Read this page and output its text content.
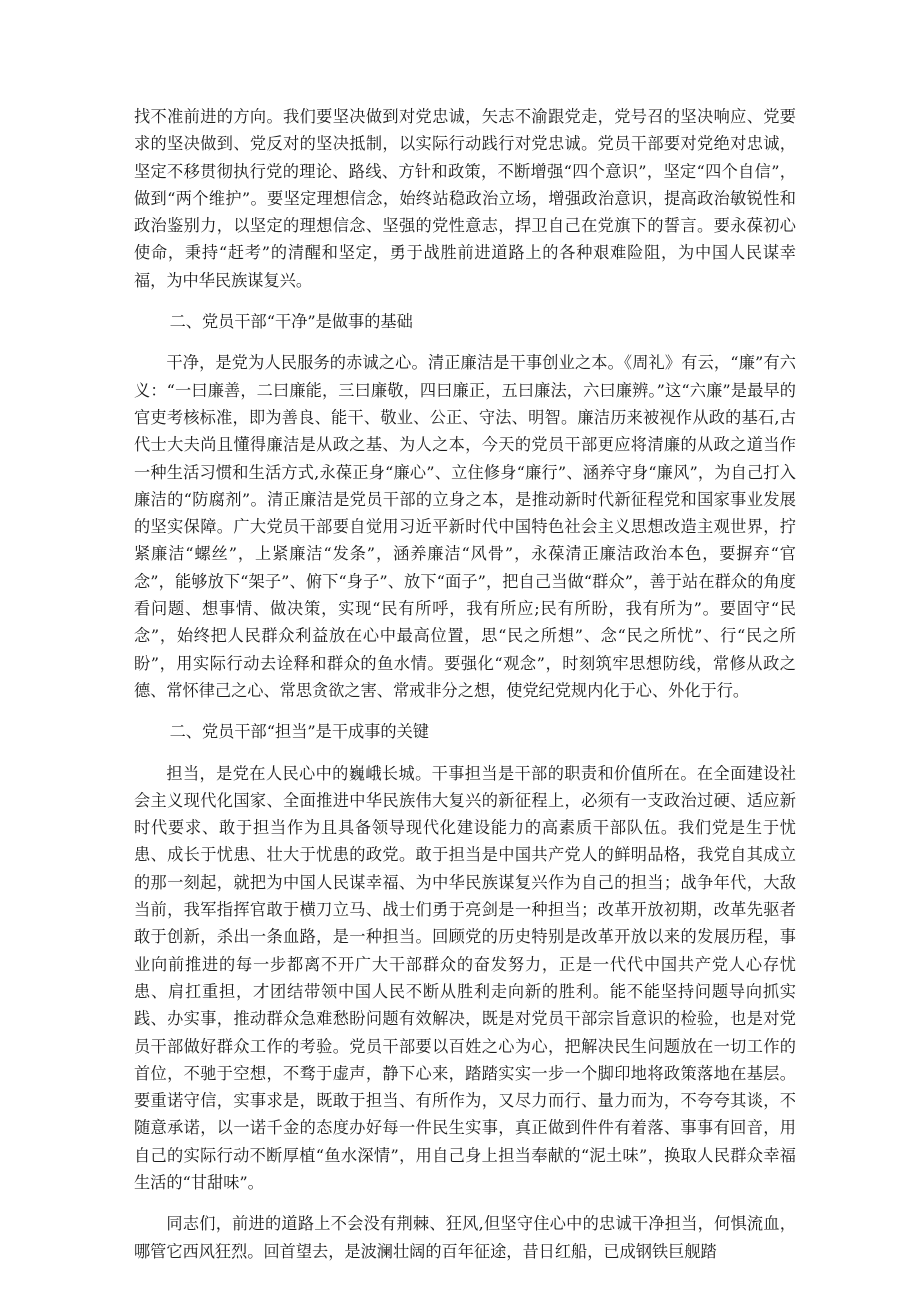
找不准前进的方向。我们要坚决做到对党忠诚，矢志不渝跟党走，党号召的坚决响应、党要求的坚决做到、党反对的坚决抵制，以实际行动践行对党忠诚。党员干部要对党绝对忠诚，坚定不移贯彻执行党的理论、路线、方针和政策，不断增强“四个意识”，坚定“四个自信”，做到“两个维护”。要坚定理想信念，始终站稳政治立场，增强政治意识，提高政治敏锐性和政治鉴别力，以坚定的理想信念、坚强的党性意志，捍卫自己在党旗下的誓言。要永葆初心使命，秉持“赶考”的清醒和坚定，勇于战胜前进道路上的各种艰难险阻，为中国人民谋幸福，为中华民族谋复兴。

二、党员干部“干净”是做事的基础

干净，是党为人民服务的赤诚之心。清正廉洁是干事创业之本。《周礼》有云，“廉”有六义：“一曰廉善，二曰廉能，三曰廉敬，四曰廉正，五曰廉法，六曰廉辨。”这“六廉”是最早的官吏考核标准，即为善良、能干、敬业、公正、守法、明智。廉洁历来被视作从政的基石,古代士大夫尚且懂得廉洁是从政之基、为人之本，今天的党员干部更应将清廉的从政之道当作一种生活习惯和生活方式,永葆正身“廉心”、立住修身“廉行”、涵养守身“廉风”，为自己打入廉洁的“防腐剂”。清正廉洁是党员干部的立身之本，是推动新时代新征程党和国家事业发展的坚实保障。广大党员干部要自觉用习近平新时代中国特色社会主义思想改造主观世界，拧紧廉洁“螺丝”，上紧廉洁“发条”，涵养廉洁“风骨”，永葆清正廉洁政治本色，要摒弃“官念”，能够放下“架子”、俯下“身子”、放下“面子”，把自己当做“群众”，善于站在群众的角度看问题、想事情、做决策，实现“民有所呼，我有所应;民有所盼，我有所为”。要固守“民念”，始终把人民群众利益放在心中最高位置，思“民之所想”、念“民之所忧”、行“民之所盼”，用实际行动去诠释和群众的鱼水情。要强化“观念”，时刻筑牢思想防线，常修从政之德、常怀律己之心、常思贪欲之害、常戒非分之想，使党纪党规内化于心、外化于行。

二、党员干部“担当”是干成事的关键

担当，是党在人民心中的巍峨长城。干事担当是干部的职责和价值所在。在全面建设社会主义现代化国家、全面推进中华民族伟大复兴的新征程上，必须有一支政治过硬、适应新时代要求、敢于担当作为且具备领导现代化建设能力的高素质干部队伍。我们党是生于忧患、成长于忧患、壮大于忧患的政党。敢于担当是中国共产党人的鲜明品格，我党自其成立的那一刻起，就把为中国人民谋幸福、为中华民族谋复兴作为自己的担当；战争年代，大敌当前，我军指挥官敢于横刀立马、战士们勇于亮剑是一种担当；改革开放初期，改革先驱者敢于创新，杀出一条血路，是一种担当。回顾党的历史特别是改革开放以来的发展历程，事业向前推进的每一步都离不开广大干部群众的奋发努力，正是一代代中国共产党人心存忧患、肩扛重担，才团结带领中国人民不断从胜利走向新的胜利。能不能坚持问题导向抓实践、办实事，推动群众急难愁盼问题有效解决，既是对党员干部宗旨意识的检验，也是对党员干部做好群众工作的考验。党员干部要以百姓之心为心，把解决民生问题放在一切工作的首位，不驰于空想，不骛于虚声，静下心来，踏踏实实一步一个脚印地将政策落地在基层。要重诺守信，实事求是，既敢于担当、有所作为，又尽力而行、量力而为，不夸夸其谈，不随意承诺，以一诺千金的态度办好每一件民生实事，真正做到件件有着落、事事有回音，用自己的实际行动不断厚植“鱼水深情”，用自己身上担当奉献的“泥土味”，换取人民群众幸福生活的“甘甜味”。

同志们，前进的道路上不会没有荆棘、狂风,但坚守住心中的忠诚干净担当，何惧流血，哪管它西风狂烈。回首望去，是波澜壮阔的百年征途，昔日红船，已成钢铁巨舰踏
